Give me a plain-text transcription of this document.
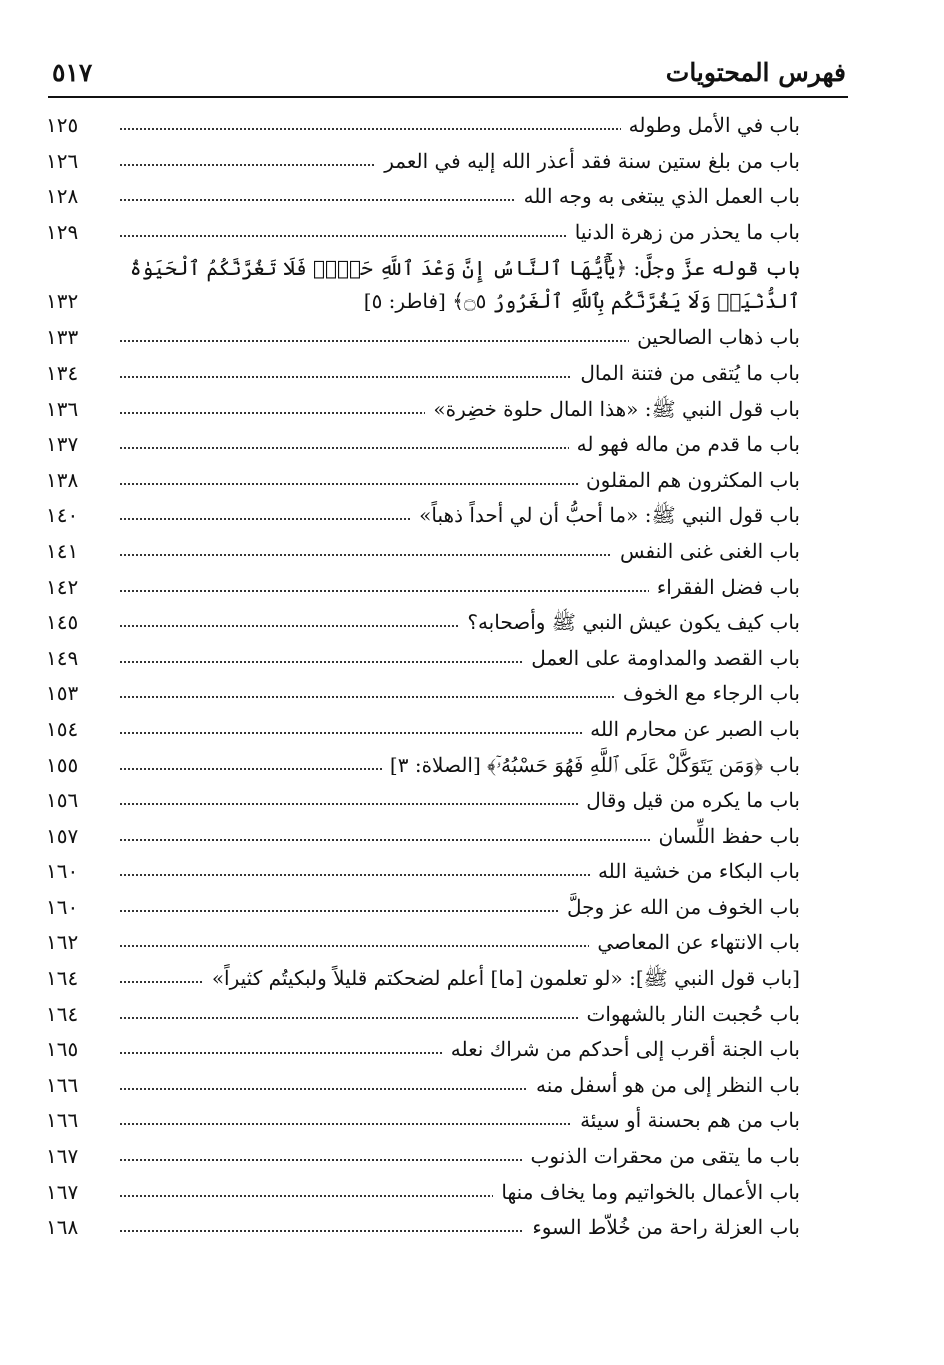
فهرس المحتويات
٥١٧
باب في الأمل وطوله
١٢٥
باب من بلغ ستين سنة فقد أعذر الله إليه في العمر
١٢٦
باب العمل الذي يبتغى به وجه الله
١٢٨
باب ما يحذر من زهرة الدنيا
١٢٩
باب قوله عزَّ وجلَّ: ﴿يَٰٓأَيُّهَا ٱلنَّاسُ إِنَّ وَعْدَ ٱللَّهِ حَقٌّۖ فَلَا تَغُرَّنَّكُمُ ٱلْحَيَوٰةُ ٱلدُّنْيَاۖ وَلَا يَغُرَّنَّكُم بِٱللَّهِ ٱلْغَرُورُ ۝٥﴾ [فاطر: ٥]
١٣٢
باب ذهاب الصالحين
١٣٣
باب ما يُتقى من فتنة المال
١٣٤
باب قول النبي ﷺ: «هذا المال حلوة خضِرة»
١٣٦
باب ما قدم من ماله فهو له
١٣٧
باب المكثرون هم المقلون
١٣٨
باب قول النبي ﷺ: «ما أحبُّ أن لي أحداً ذهباً»
١٤٠
باب الغنى غنى النفس
١٤١
باب فضل الفقراء
١٤٢
باب كيف يكون عيش النبي ﷺ وأصحابه؟
١٤٥
باب القصد والمداومة على العمل
١٤٩
باب الرجاء مع الخوف
١٥٣
باب الصبر عن محارم الله
١٥٤
باب ﴿وَمَن يَتَوَكَّلْ عَلَى ٱللَّهِ فَهُوَ حَسْبُهُۥٓ﴾ [الصلاة: ٣]
١٥٥
باب ما يكره من قيل وقال
١٥٦
باب حفظ اللِّسان
١٥٧
باب البكاء من خشية الله
١٦٠
باب الخوف من الله عز وجلَّ
١٦٠
باب الانتهاء عن المعاصي
١٦٢
[باب قول النبي ﷺ]: «لو تعلمون [ما] أعلم لضحكتم قليلاً ولبكيتُم كثيراً»
١٦٤
باب حُجبت النار بالشهوات
١٦٤
باب الجنة أقرب إلى أحدكم من شراك نعله
١٦٥
باب النظر إلى من هو أسفل منه
١٦٦
باب من هم بحسنة أو سيئة
١٦٦
باب ما يتقى من محقرات الذنوب
١٦٧
باب الأعمال بالخواتيم وما يخاف منها
١٦٧
باب العزلة راحة من خُلاّط السوء
١٦٨
